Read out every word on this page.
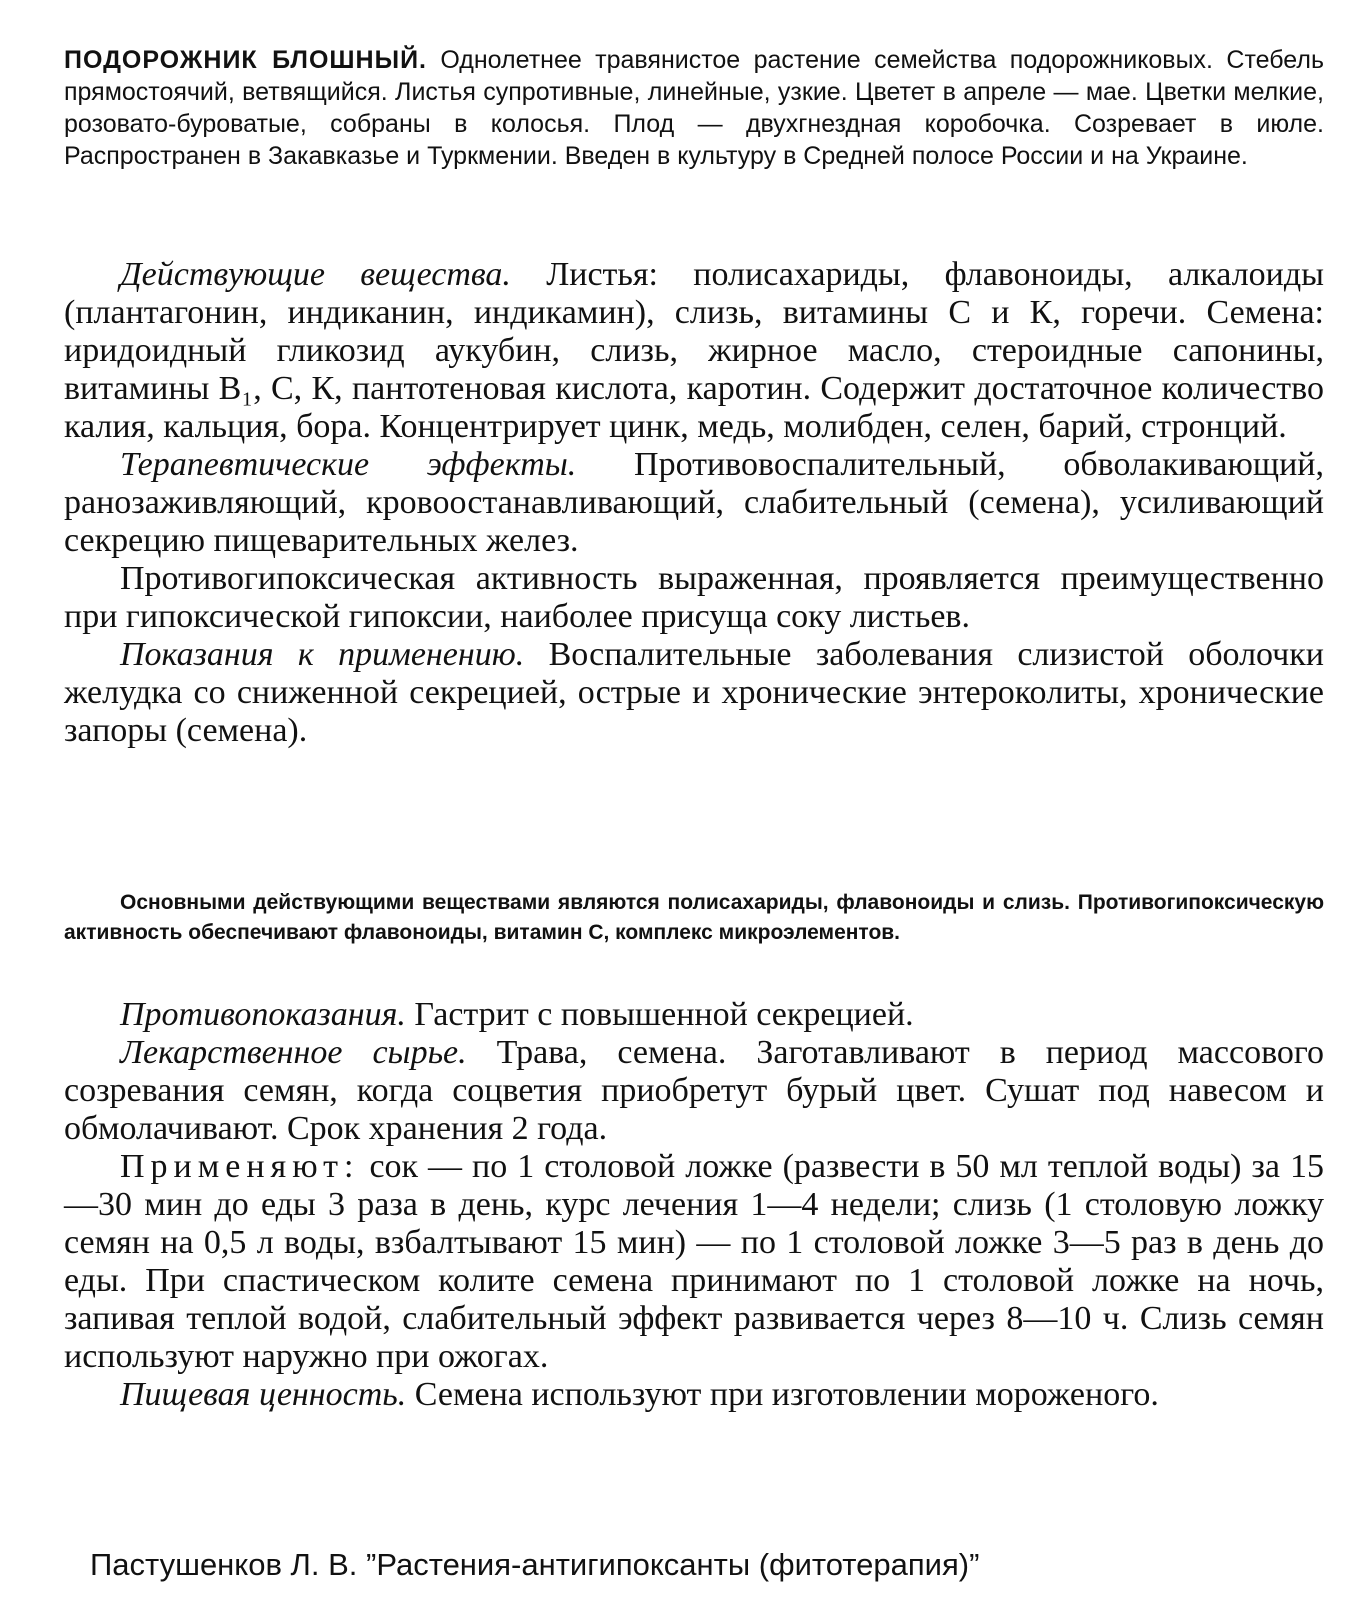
ПОДОРОЖНИК БЛОШНЫЙ. Однолетнее травянистое растение семейства подорожниковых. Стебель прямостоячий, ветвящийся. Листья супротивные, линейные, узкие. Цветет в апреле — мае. Цветки мелкие, розовато-буроватые, собраны в колосья. Плод — двухгнездная коробочка. Созревает в июле. Распространен в Закавказье и Туркмении. Введен в культуру в Средней полосе России и на Украине.

Действующие вещества. Листья: полисахариды, флавоноиды, алкалоиды (плантагонин, индиканин, индикамин), слизь, витамины С и К, горечи. Семена: иридоидный гликозид аукубин, слизь, жирное масло, стероидные сапонины, витамины B₁, С, К, пантотеновая кислота, каротин. Содержит достаточное количество калия, кальция, бора. Концентрирует цинк, медь, молибден, селен, барий, стронций.

Терапевтические эффекты. Противовоспалительный, обволакивающий, ранозаживляющий, кровоостанавливающий, слабительный (семена), усиливающий секрецию пищеварительных желез.

Противогипоксическая активность выраженная, проявляется преимущественно при гипоксической гипоксии, наиболее присуща соку листьев.

Показания к применению. Воспалительные заболевания слизистой оболочки желудка со сниженной секрецией, острые и хронические энтероколиты, хронические запоры (семена).

Основными действующими веществами являются полисахариды, флавоноиды и слизь. Противогипоксическую активность обеспечивают флавоноиды, витамин С, комплекс микроэлементов.

Противопоказания. Гастрит с повышенной секрецией.

Лекарственное сырье. Трава, семена. Заготавливают в период массового созревания семян, когда соцветия приобретут бурый цвет. Сушат под навесом и обмолачивают. Срок хранения 2 года.

Применяют: сок — по 1 столовой ложке (развести в 50 мл теплой воды) за 15—30 мин до еды 3 раза в день, курс лечения 1—4 недели; слизь (1 столовую ложку семян на 0,5 л воды, взбалтывают 15 мин) — по 1 столовой ложке 3—5 раз в день до еды. При спастическом колите семена принимают по 1 столовой ложке на ночь, запивая теплой водой, слабительный эффект развивается через 8—10 ч. Слизь семян используют наружно при ожогах.

Пищевая ценность. Семена используют при изготовлении мороженого.

Пастушенков Л. В. ”Растения-антигипоксанты (фитотерапия)”
